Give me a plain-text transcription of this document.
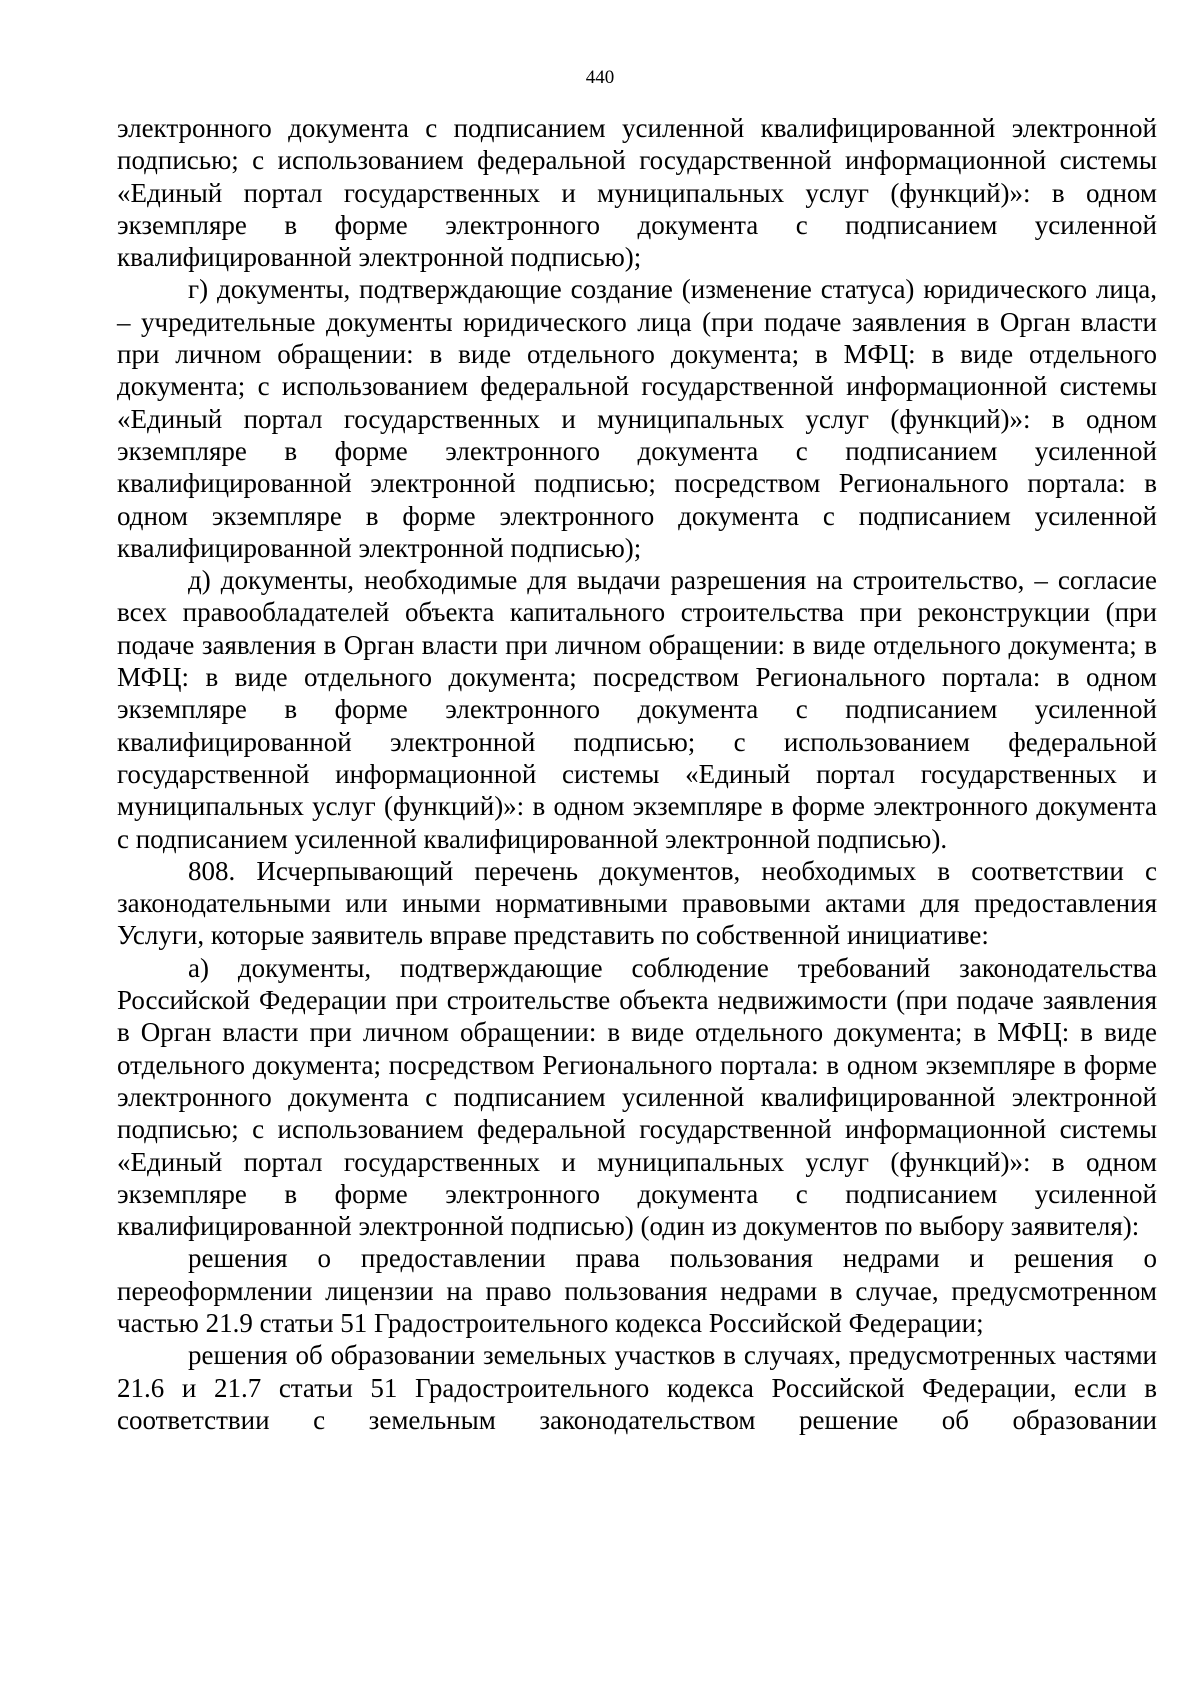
440

электронного документа с подписанием усиленной квалифицированной электронной подписью; с использованием федеральной государственной информационной системы «Единый портал государственных и муниципальных услуг (функций)»: в одном экземпляре в форме электронного документа с подписанием усиленной квалифицированной электронной подписью);

г) документы, подтверждающие создание (изменение статуса) юридического лица, – учредительные документы юридического лица (при подаче заявления в Орган власти при личном обращении: в виде отдельного документа; в МФЦ: в виде отдельного документа; с использованием федеральной государственной информационной системы «Единый портал государственных и муниципальных услуг (функций)»: в одном экземпляре в форме электронного документа с подписанием усиленной квалифицированной электронной подписью; посредством Регионального портала: в одном экземпляре в форме электронного документа с подписанием усиленной квалифицированной электронной подписью);

д) документы, необходимые для выдачи разрешения на строительство, – согласие всех правообладателей объекта капитального строительства при реконструкции (при подаче заявления в Орган власти при личном обращении: в виде отдельного документа; в МФЦ: в виде отдельного документа; посредством Регионального портала: в одном экземпляре в форме электронного документа с подписанием усиленной квалифицированной электронной подписью; с использованием федеральной государственной информационной системы «Единый портал государственных и муниципальных услуг (функций)»: в одном экземпляре в форме электронного документа с подписанием усиленной квалифицированной электронной подписью).

808. Исчерпывающий перечень документов, необходимых в соответствии с законодательными или иными нормативными правовыми актами для предоставления Услуги, которые заявитель вправе представить по собственной инициативе:

а) документы, подтверждающие соблюдение требований законодательства Российской Федерации при строительстве объекта недвижимости (при подаче заявления в Орган власти при личном обращении: в виде отдельного документа; в МФЦ: в виде отдельного документа; посредством Регионального портала: в одном экземпляре в форме электронного документа с подписанием усиленной квалифицированной электронной подписью; с использованием федеральной государственной информационной системы «Единый портал государственных и муниципальных услуг (функций)»: в одном экземпляре в форме электронного документа с подписанием усиленной квалифицированной электронной подписью) (один из документов по выбору заявителя):

решения о предоставлении права пользования недрами и решения о переоформлении лицензии на право пользования недрами в случае, предусмотренном частью 21.9 статьи 51 Градостроительного кодекса Российской Федерации;

решения об образовании земельных участков в случаях, предусмотренных частями 21.6 и 21.7 статьи 51 Градостроительного кодекса Российской Федерации, если в соответствии с земельным законодательством решение об образовании
